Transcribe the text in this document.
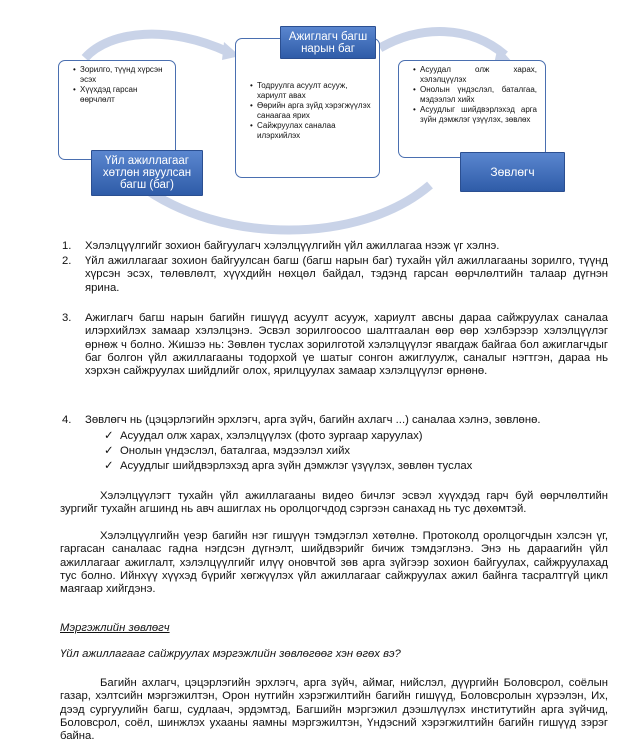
• Зорилго, түүнд хүрсэн эсэх
• Хүүхдэд гарсан өөрчлөлт
Үйл ажиллагааг хөтлөн явуулсан багш (баг)
• Тодруулга асуулт асууж, хариулт авах
• Өөрийн арга зүйд хэрэгжүүлэх санаагаа ярих
• Сайжруулах саналаа илэрхийлэх
Ажиглагч багш нарын баг
• Асуудал олж харах, хэлэлцүүлэх
• Онолын үндэслэл, баталгаа, мэдээлэл хийх
• Асуудлыг шийдвэрлэхэд арга зүйн дэмжлэг үзүүлэх, зөвлөх
Зөвлөгч
1.	Хэлэлцүүлгийг зохион байгуулагч хэлэлцүүлгийн үйл ажиллагаа нээж үг хэлнэ.
2.	Үйл ажиллагааг зохион байгуулсан багш (багш нарын баг) тухайн үйл ажиллагааны зорилго, түүнд хүрсэн эсэх, төлөвлөлт, хүүхдийн нөхцөл байдал, тэдэнд гарсан өөрчлөлтийн талаар дүгнэн ярина.
3.	Ажиглагч багш нарын багийн гишүүд асуулт асууж, хариулт авсны дараа сайжруулах саналаа илэрхийлэх замаар хэлэлцэнэ. Эсвэл зорилгоосоо шалтгаалан өөр өөр хэлбэрээр хэлэлцүүлэг өрнөж ч болно. Жишээ нь: Зөвлөн туслах зорилготой хэлэлцүүлэг явагдаж байгаа бол ажиглагчдыг баг болгон үйл ажиллагааны тодорхой үе шатыг сонгон ажиглуулж, саналыг нэгтгэн, дараа нь хэрхэн сайжруулах шийдлийг олох, ярилцуулах замаар хэлэлцүүлэг өрнөнө.
4.	Зөвлөгч нь (цэцэрлэгийн эрхлэгч, арга зүйч, багийн ахлагч ...) саналаа хэлнэ, зөвлөнө.
✓ Асуудал олж харах, хэлэлцүүлэх (фото зургаар харуулах)
✓ Онолын үндэслэл, баталгаа, мэдээлэл хийх
✓ Асуудлыг шийдвэрлэхэд арга зүйн дэмжлэг үзүүлэх, зөвлөн туслах
Хэлэлцүүлэгт тухайн үйл ажиллагааны видео бичлэг эсвэл хүүхдэд гарч буй өөрчлөлтийн зургийг тухайн агшинд нь авч ашиглах нь оролцогчдод сэргээн санахад нь тус дөхөмтэй.
Хэлэлцүүлгийн үеэр багийн нэг гишүүн тэмдэглэл хөтөлнө. Протоколд оролцогчдын хэлсэн үг, гаргасан саналаас гадна нэгдсэн дүгнэлт, шийдвэрийг бичиж тэмдэглэнэ. Энэ нь дараагийн үйл ажиллагааг ажиглалт, хэлэлцүүлгийг илүү оновчтой зөв арга зүйгээр зохион байгуулах, сайжруулахад тус болно. Ийнхүү хүүхэд бүрийг хөгжүүлэх үйл ажиллагааг сайжруулах ажил байнга тасралтгүй цикл маягаар хийгдэнэ.
Мэргэжлийн зөвлөгч
Үйл ажиллагааг сайжруулах мэргэжлийн зөвлөгөөг хэн өгөх вэ?
Багийн ахлагч, цэцэрлэгийн эрхлэгч, арга зүйч, аймаг, нийслэл, дүүргийн Боловсрол, соёлын газар, хэлтсийн мэргэжилтэн, Орон нутгийн хэрэгжилтийн багийн гишүүд, Боловсролын хүрээлэн, Их, дээд сургуулийн багш, судлаач, эрдэмтэд, Багшийн мэргэжил дээшлүүлэх институтийн арга зүйчид, Боловсрол, соёл, шинжлэх ухааны яамны мэргэжилтэн, Үндэсний хэрэгжилтийн багийн гишүүд зэрэг байна.
